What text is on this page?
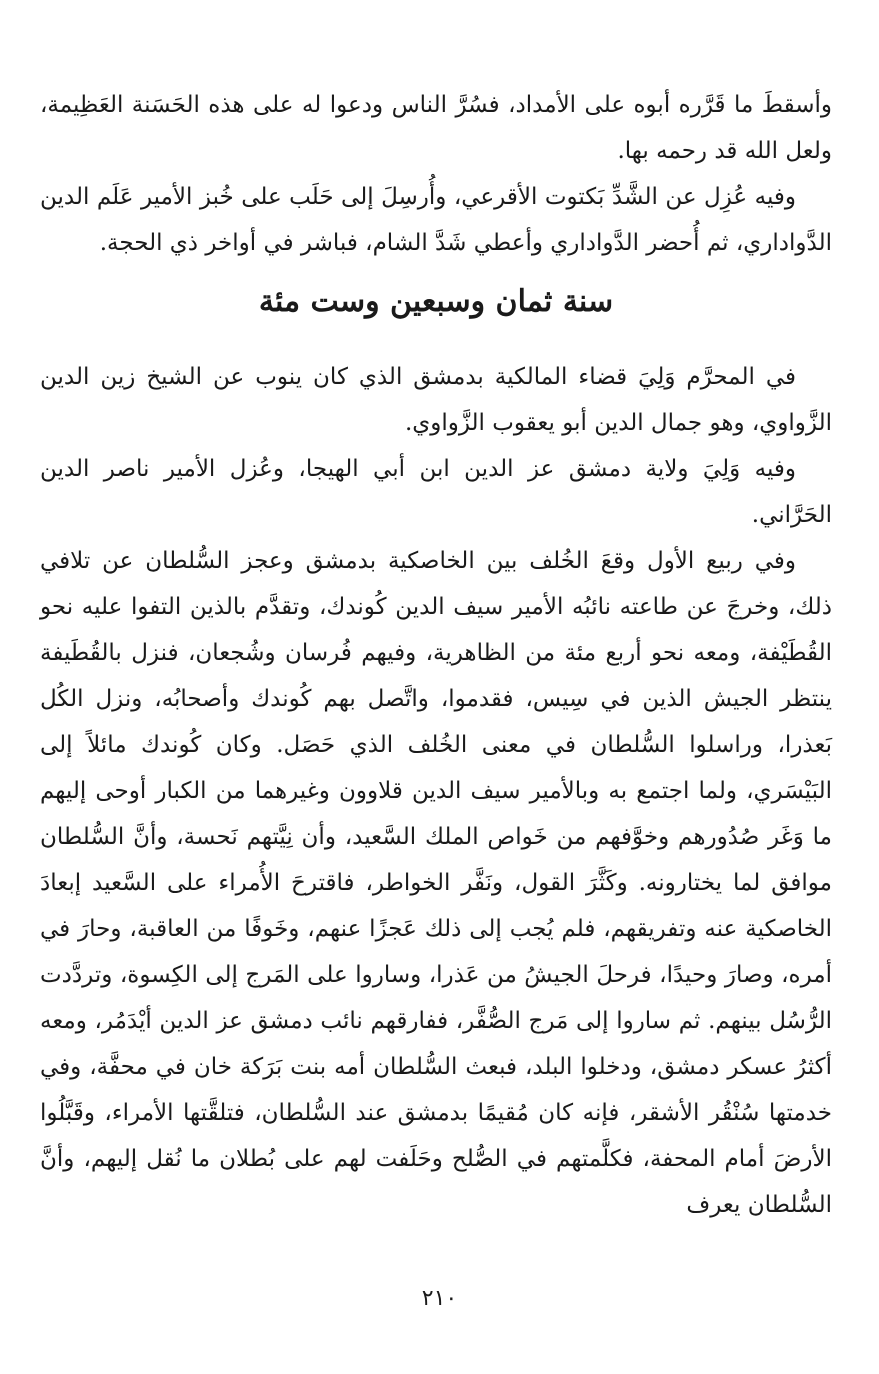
وأسقطَ ما قَرَّره أبوه على الأمداد، فسُرَّ الناس ودعوا له على هذه الحَسَنة العَظِيمة، ولعل الله قد رحمه بها.

وفيه عُزِل عن الشَّدِّ بَكتوت الأقرعي، وأُرسِلَ إلى حَلَب على خُبز الأمير عَلَم الدين الدَّواداري، ثم أُحضر الدَّواداري وأعطي شَدَّ الشام، فباشر في أواخر ذي الحجة.

سنة ثمان وسبعين وست مئة

في المحرَّم وَلِيَ قضاء المالكية بدمشق الذي كان ينوب عن الشيخ زين الدين الزَّواوي، وهو جمال الدين أبو يعقوب الزَّواوي.

وفيه وَلِيَ ولاية دمشق عز الدين ابن أبي الهيجا، وعُزل الأمير ناصر الدين الحَرَّاني.

وفي ربيع الأول وقعَ الخُلف بين الخاصكية بدمشق وعجز السُّلطان عن تلافي ذلك، وخرجَ عن طاعته نائبُه الأمير سيف الدين كُوندك، وتقدَّم بالذين التفوا عليه نحو القُطَيْفة، ومعه نحو أربع مئة من الظاهرية، وفيهم فُرسان وشُجعان، فنزل بالقُطَيفة ينتظر الجيش الذين في سِيس، فقدموا، واتَّصل بهم كُوندك وأصحابُه، ونزل الكُل بَعذرا، وراسلوا السُّلطان في معنى الخُلف الذي حَصَل. وكان كُوندك مائلاً إلى البَيْسَري، ولما اجتمع به وبالأمير سيف الدين قلاوون وغيرهما من الكبار أوحى إليهم ما وَغَر صُدُورهم وخوَّفهم من خَواص الملك السَّعيد، وأن نِيَّتهم نَحسة، وأنَّ السُّلطان موافق لما يختارونه. وكَثَّرَ القول، ونَفَّر الخواطر، فاقترحَ الأُمراء على السَّعيد إبعادَ الخاصكية عنه وتفريقهم، فلم يُجب إلى ذلك عَجزًا عنهم، وخَوفًا من العاقبة، وحارَ في أمره، وصارَ وحيدًا، فرحلَ الجيشُ من عَذرا، وساروا على المَرج إلى الكِسوة، وتردَّدت الرُّسُل بينهم. ثم ساروا إلى مَرج الصُّفَّر، ففارقهم نائب دمشق عز الدين أيْدَمُر، ومعه أكثرُ عسكر دمشق، ودخلوا البلد، فبعث السُّلطان أمه بنت بَرَكة خان في محفَّة، وفي خدمتها سُنْقُر الأشقر، فإنه كان مُقيمًا بدمشق عند السُّلطان، فتلقَّتها الأمراء، وقَبَّلُوا الأرضَ أمام المحفة، فكلَّمتهم في الصُّلح وحَلَفت لهم على بُطلان ما نُقل إليهم، وأنَّ السُّلطان يعرف

٢١٠
